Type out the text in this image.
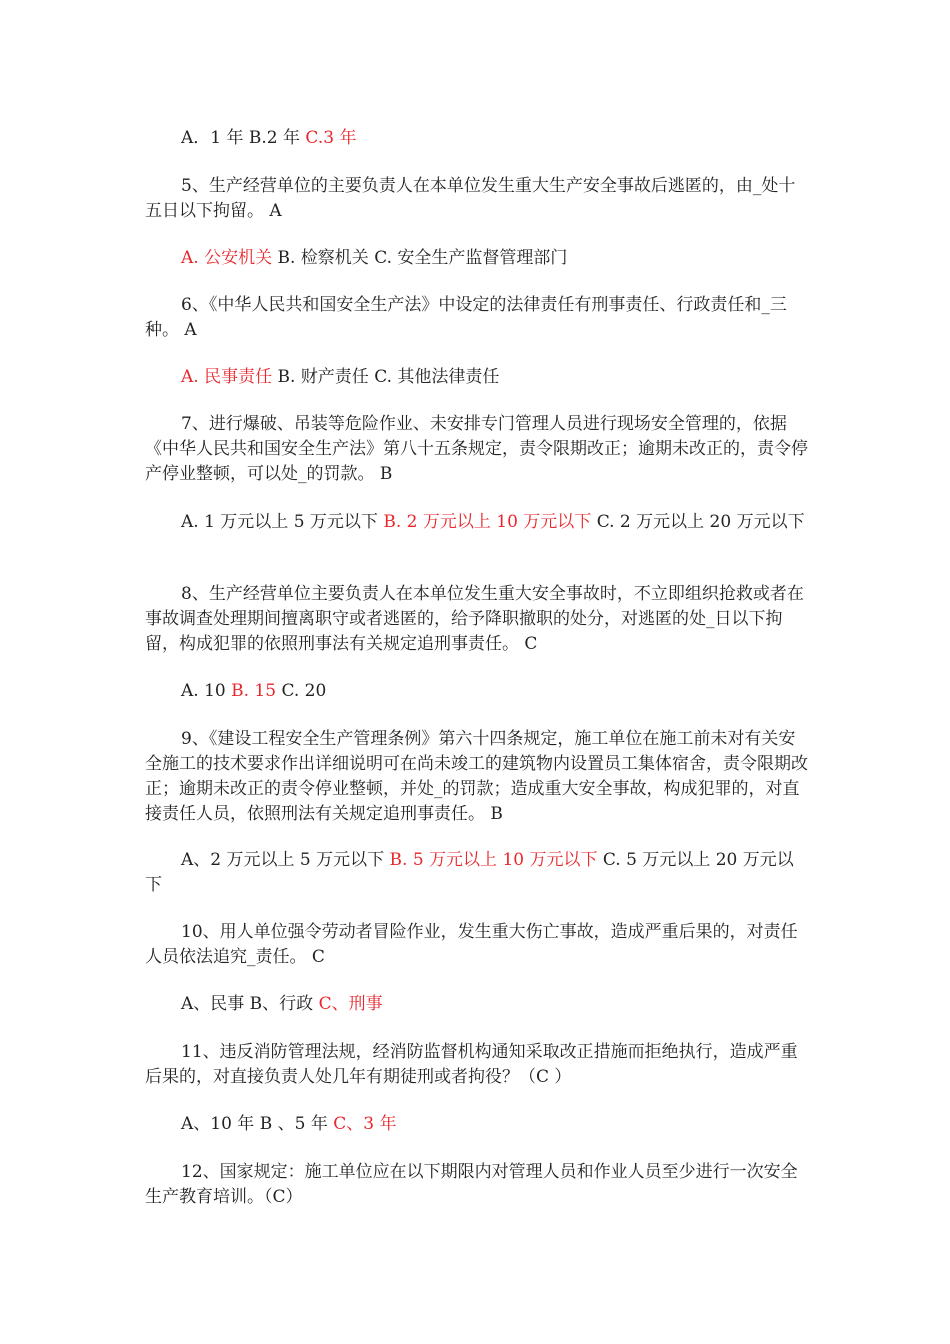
A．1 年 B.2 年 C.3 年

5、生产经营单位的主要负责人在本单位发生重大生产安全事故后逃匿的，由_处十五日以下拘留。 A

A. 公安机关 B. 检察机关 C. 安全生产监督管理部门

6、《中华人民共和国安全生产法》中设定的法律责任有刑事责任、行政责任和_三种。 A

A. 民事责任 B. 财产责任 C. 其他法律责任

7、进行爆破、吊装等危险作业、未安排专门管理人员进行现场安全管理的，依据《中华人民共和国安全生产法》第八十五条规定，责令限期改正；逾期未改正的，责令停产停业整顿，可以处_的罚款。 B

A. 1 万元以上 5 万元以下 B. 2 万元以上 10 万元以下 C. 2 万元以上 20 万元以下

8、生产经营单位主要负责人在本单位发生重大安全事故时，不立即组织抢救或者在事故调查处理期间擅离职守或者逃匿的，给予降职撤职的处分，对逃匿的处_日以下拘留，构成犯罪的依照刑事法有关规定追刑事责任。 C

A. 10 B. 15 C. 20

9、《建设工程安全生产管理条例》第六十四条规定，施工单位在施工前未对有关安全施工的技术要求作出详细说明可在尚未竣工的建筑物内设置员工集体宿舍，责令限期改正；逾期未改正的责令停业整顿，并处_的罚款；造成重大安全事故，构成犯罪的，对直接责任人员，依照刑法有关规定追刑事责任。 B

A、2 万元以上 5 万元以下 B. 5 万元以上 10 万元以下 C. 5 万元以上 20 万元以下

10、用人单位强令劳动者冒险作业，发生重大伤亡事故，造成严重后果的，对责任人员依法追究_责任。 C

A、民事 B、行政 C、刑事

11、违反消防管理法规，经消防监督机构通知采取改正措施而拒绝执行，造成严重后果的，对直接负责人处几年有期徒刑或者拘役？（C ）

A、10 年 B 、5 年 C、3 年

12、国家规定：施工单位应在以下期限内对管理人员和作业人员至少进行一次安全生产教育培训。（C）
